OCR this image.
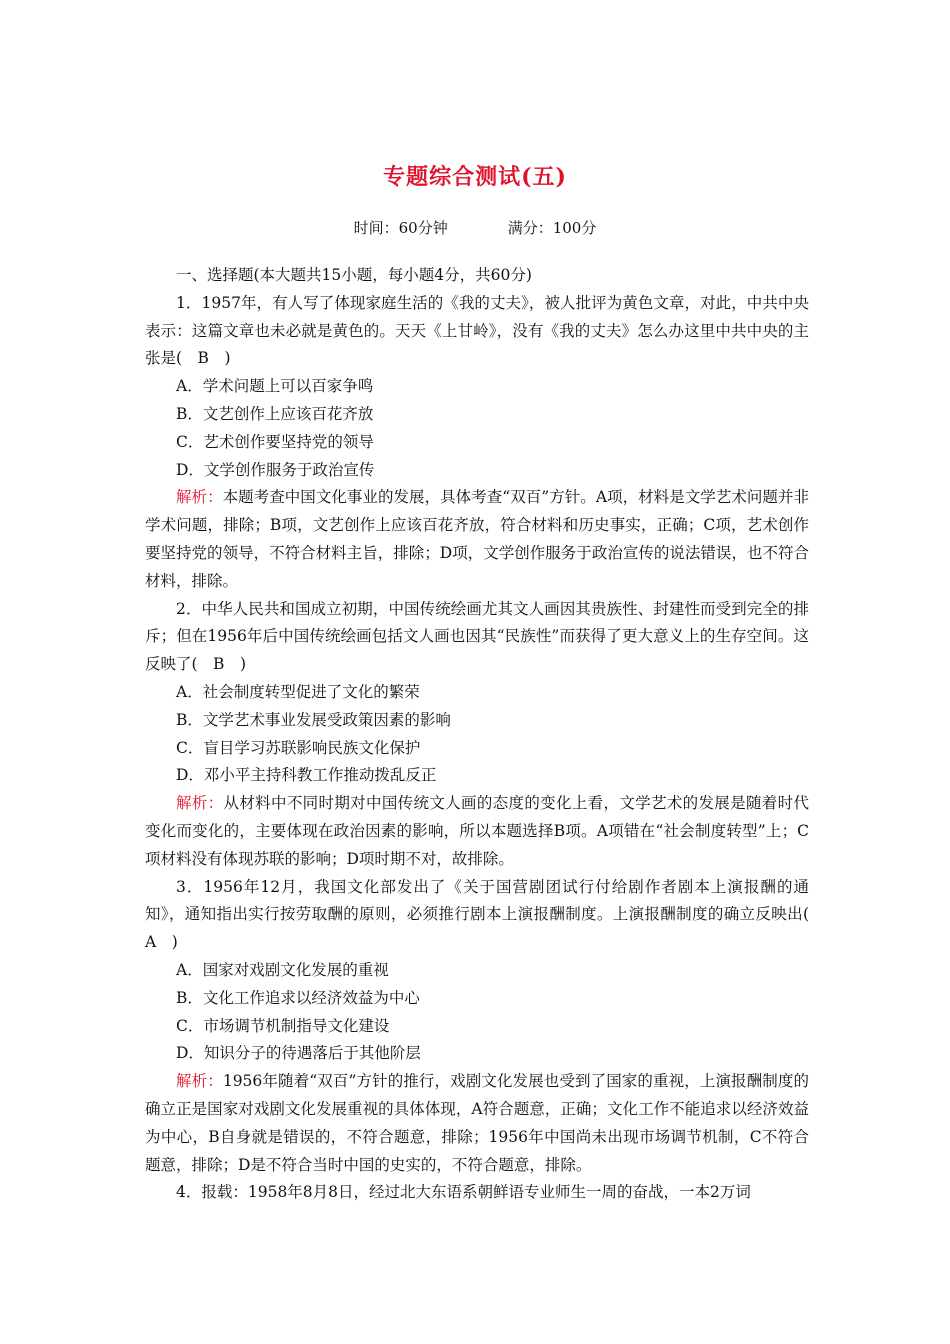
专题综合测试(五)
时间：60分钟	满分：100分

一、选择题(本大题共15小题，每小题4分，共60分)

1．1957年，有人写了体现家庭生活的《我的丈夫》，被人批评为黄色文章，对此，中共中央表示：这篇文章也未必就是黄色的。天天《上甘岭》，没有《我的丈夫》怎么办这里中共中央的主张是(　B　)

A．学术问题上可以百家争鸣

B．文艺创作上应该百花齐放

C．艺术创作要坚持党的领导

D．文学创作服务于政治宣传

解析：本题考查中国文化事业的发展，具体考查“双百”方针。A项，材料是文学艺术问题并非学术问题，排除；B项，文艺创作上应该百花齐放，符合材料和历史事实，正确；C项，艺术创作要坚持党的领导，不符合材料主旨，排除；D项，文学创作服务于政治宣传的说法错误，也不符合材料，排除。

2．中华人民共和国成立初期，中国传统绘画尤其文人画因其贵族性、封建性而受到完全的排斥；但在1956年后中国传统绘画包括文人画也因其“民族性”而获得了更大意义上的生存空间。这反映了(　B　)

A．社会制度转型促进了文化的繁荣

B．文学艺术事业发展受政策因素的影响

C．盲目学习苏联影响民族文化保护

D．邓小平主持科教工作推动拨乱反正

解析：从材料中不同时期对中国传统文人画的态度的变化上看，文学艺术的发展是随着时代变化而变化的，主要体现在政治因素的影响，所以本题选择B项。A项错在“社会制度转型”上；C项材料没有体现苏联的影响；D项时期不对，故排除。

3．1956年12月，我国文化部发出了《关于国营剧团试行付给剧作者剧本上演报酬的通知》，通知指出实行按劳取酬的原则，必须推行剧本上演报酬制度。上演报酬制度的确立反映出(　A　)

A．国家对戏剧文化发展的重视

B．文化工作追求以经济效益为中心

C．市场调节机制指导文化建设

D．知识分子的待遇落后于其他阶层

解析：1956年随着“双百”方针的推行，戏剧文化发展也受到了国家的重视，上演报酬制度的确立正是国家对戏剧文化发展重视的具体体现，A符合题意，正确；文化工作不能追求以经济效益为中心，B自身就是错误的，不符合题意，排除；1956年中国尚未出现市场调节机制，C不符合题意，排除；D是不符合当时中国的史实的，不符合题意，排除。

4．报载：1958年8月8日，经过北大东语系朝鲜语专业师生一周的奋战，一本2万词
